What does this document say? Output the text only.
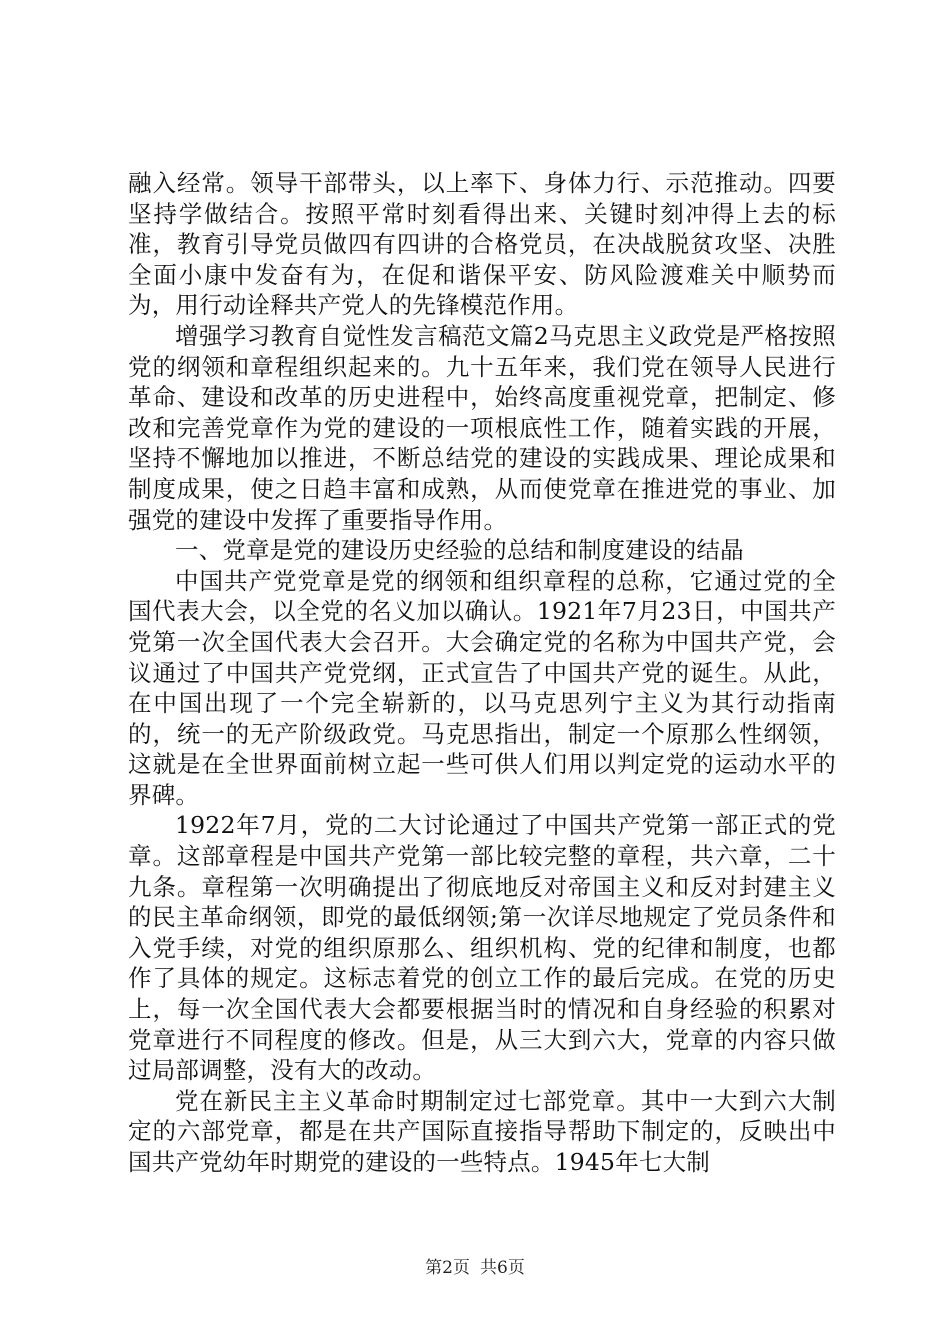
融入经常。领导干部带头，以上率下、身体力行、示范推动。四要坚持学做结合。按照平常时刻看得出来、关键时刻冲得上去的标准，教育引导党员做四有四讲的合格党员，在决战脱贫攻坚、决胜全面小康中发奋有为，在促和谐保平安、防风险渡难关中顺势而为，用行动诠释共产党人的先锋模范作用。

增强学习教育自觉性发言稿范文篇2马克思主义政党是严格按照党的纲领和章程组织起来的。九十五年来，我们党在领导人民进行革命、建设和改革的历史进程中，始终高度重视党章，把制定、修改和完善党章作为党的建设的一项根底性工作，随着实践的开展，坚持不懈地加以推进，不断总结党的建设的实践成果、理论成果和制度成果，使之日趋丰富和成熟，从而使党章在推进党的事业、加强党的建设中发挥了重要指导作用。

一、党章是党的建设历史经验的总结和制度建设的结晶

中国共产党党章是党的纲领和组织章程的总称，它通过党的全国代表大会，以全党的名义加以确认。1921年7月23日，中国共产党第一次全国代表大会召开。大会确定党的名称为中国共产党，会议通过了中国共产党党纲，正式宣告了中国共产党的诞生。从此，在中国出现了一个完全崭新的，以马克思列宁主义为其行动指南的，统一的无产阶级政党。马克思指出，制定一个原那么性纲领，这就是在全世界面前树立起一些可供人们用以判定党的运动水平的界碑。

1922年7月，党的二大讨论通过了中国共产党第一部正式的党章。这部章程是中国共产党第一部比较完整的章程，共六章，二十九条。章程第一次明确提出了彻底地反对帝国主义和反对封建主义的民主革命纲领，即党的最低纲领;第一次详尽地规定了党员条件和入党手续，对党的组织原那么、组织机构、党的纪律和制度，也都作了具体的规定。这标志着党的创立工作的最后完成。在党的历史上，每一次全国代表大会都要根据当时的情况和自身经验的积累对党章进行不同程度的修改。但是，从三大到六大，党章的内容只做过局部调整，没有大的改动。

党在新民主主义革命时期制定过七部党章。其中一大到六大制定的六部党章，都是在共产国际直接指导帮助下制定的，反映出中国共产党幼年时期党的建设的一些特点。1945年七大制

第2页 共6页
